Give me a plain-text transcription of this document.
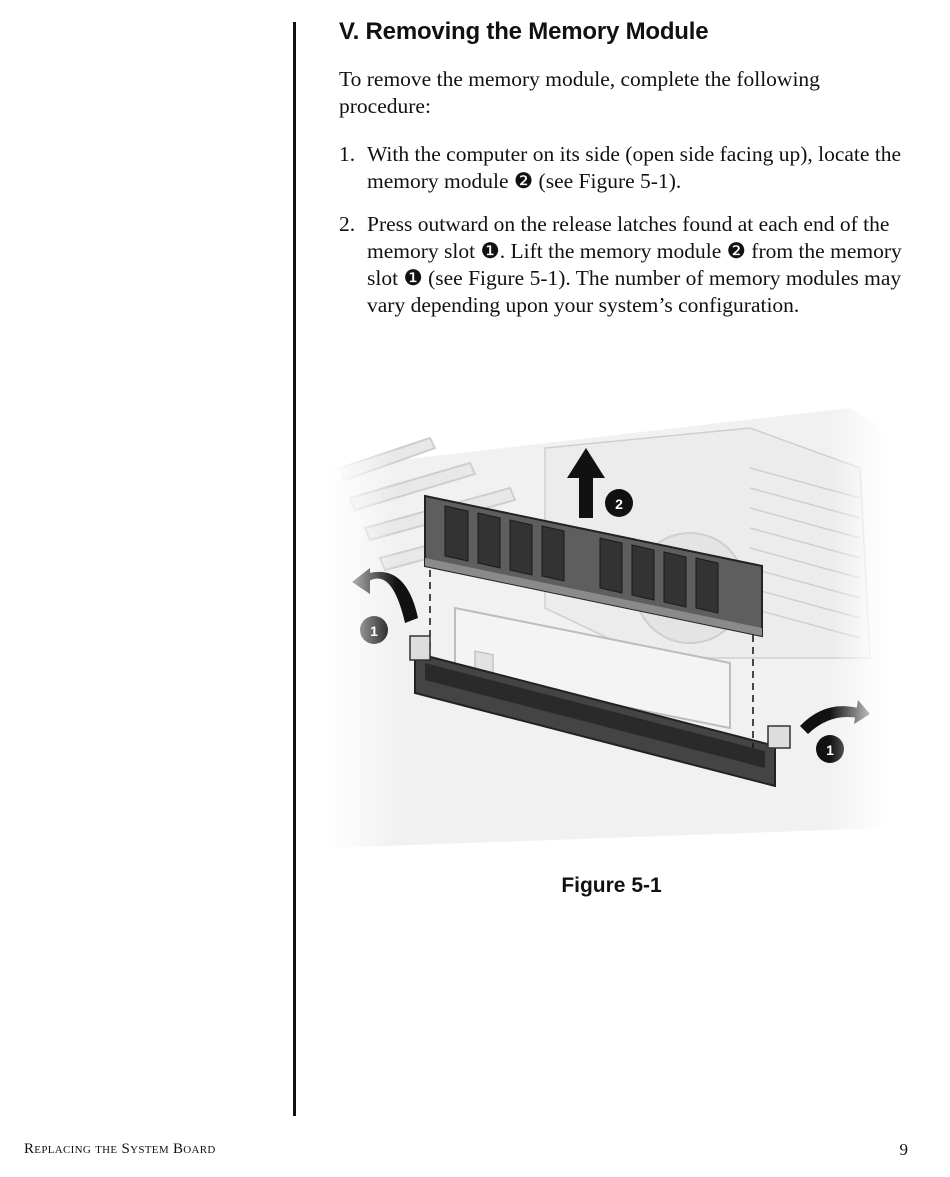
V. Removing the Memory Module

To remove the memory module, complete the following procedure:

1. With the computer on its side (open side facing up), locate the memory module ❷ (see Figure 5-1).
2. Press outward on the release latches found at each end of the memory slot ❶. Lift the memory module ❷ from the memory slot ❶ (see Figure 5-1). The number of memory modules may vary depending upon your system’s configuration.
Figure 5-1
Replacing the System Board	9
